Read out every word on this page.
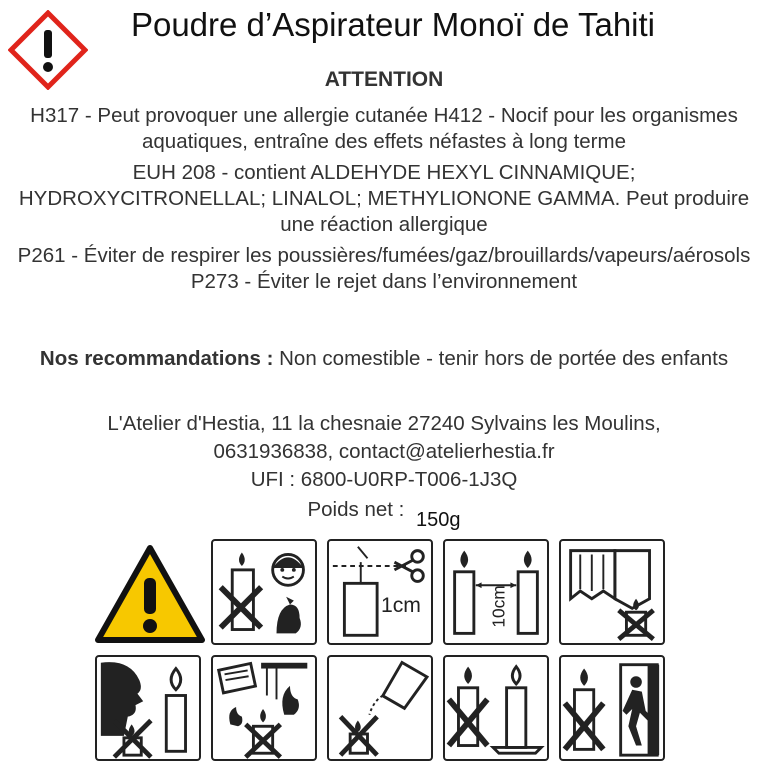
Poudre d’Aspirateur Monoï de Tahiti
ATTENTION
H317 - Peut provoquer une allergie cutanée H412 - Nocif pour les organismes aquatiques, entraîne des effets néfastes à long terme
EUH 208 - contient ALDEHYDE HEXYL CINNAMIQUE; HYDROXYCITRONELLAL; LINALOL; METHYLIONONE GAMMA. Peut produire une réaction allergique
P261 - Éviter de respirer les poussières/fumées/gaz/brouillards/vapeurs/aérosols P273 - Éviter le rejet dans l’environnement
Nos recommandations : Non comestible - tenir hors de portée des enfants
L'Atelier d'Hestia, 11 la chesnaie 27240 Sylvains les Moulins,
0631936838, contact@atelierhestia.fr
UFI : 6800-U0RP-T006-1J3Q
Poids net : 150g
1cm	10cm
